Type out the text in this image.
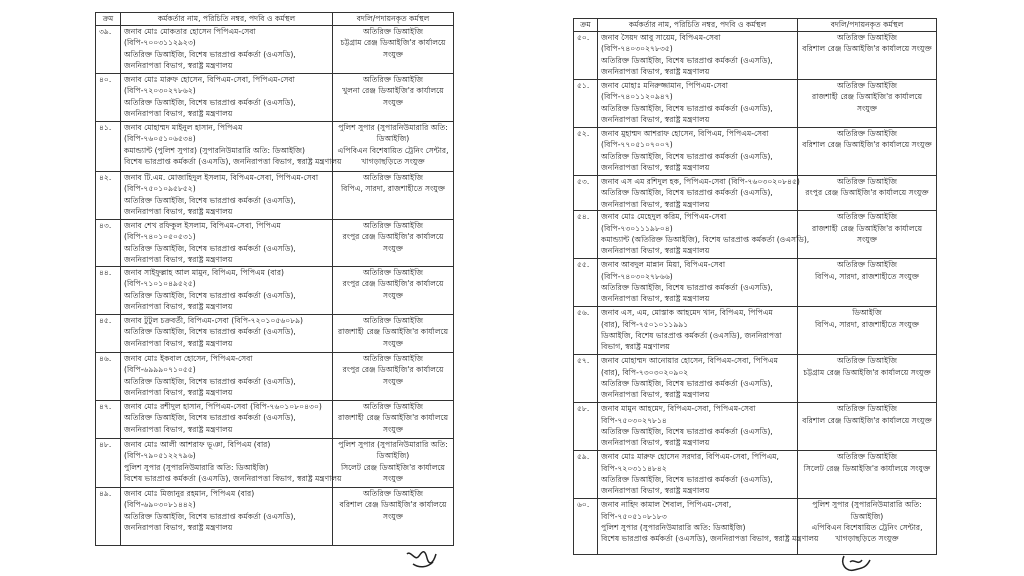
ক্রম	কর্মকর্তার নাম, পরিচিতি নম্বর, পদবি ও কর্মস্থল	বদলি/পদায়নকৃত কর্মস্থল
৩৯.	জনাব মোঃ মোকতার হোসেন পিপিএম-সেবা
(বিপি-৭০০৩১১২৯২৩)
অতিরিক্ত ডিআইজি, বিশেষ ভারপ্রাপ্ত কর্মকর্তা (ওএসডি),
জননিরাপত্তা বিভাগ, স্বরাষ্ট্র মন্ত্রণালয়	অতিরিক্ত ডিআইজি
চট্টগ্রাম রেঞ্জ ডিআইজি'র কার্যালয়ে সংযুক্ত

৪০.	জনাব মোঃ মারুফ হোসেন, বিপিএম-সেবা, পিপিএম-সেবা
(বিপি-৭২০৩০২৭৮৬২)
অতিরিক্ত ডিআইজি, বিশেষ ভারপ্রাপ্ত কর্মকর্তা (ওএসডি),
জননিরাপত্তা বিভাগ, স্বরাষ্ট্র মন্ত্রণালয়	অতিরিক্ত ডিআইজি
খুলনা রেঞ্জ ডিআইজি'র কার্যালয়ে সংযুক্ত

৪১.	জনাব মোহাম্মদ মাইনুল হাসান, পিপিএম
(বিপি-৭৬০৫১০৬৫৩৪)
কমান্ড্যান্ট (পুলিশ সুপার) (সুপারনিউমারারি অতি: ডিআইজি)
বিশেষ ভারপ্রাপ্ত কর্মকর্তা (ওএসডি), জননিরাপত্তা বিভাগ, স্বরাষ্ট্র মন্ত্রণালয়	পুলিশ সুপার (সুপারনিউমারারি অতি: ডিআইজি)
এপিবিএন বিশেষায়িত ট্রেনিং সেন্টার, খাগড়াছড়িতে সংযুক্ত

৪২.	জনাব টি.এম. মোজাহিদুল ইসলাম, বিপিএম-সেবা, পিপিএম-সেবা
(বিপি-৭৫০১০৯৫৮৫২)
অতিরিক্ত ডিআইজি, বিশেষ ভারপ্রাপ্ত কর্মকর্তা (ওএসডি),
জননিরাপত্তা বিভাগ, স্বরাষ্ট্র মন্ত্রণালয়	অতিরিক্ত ডিআইজি
বিপিএ, সারদা, রাজশাহীতে সংযুক্ত

৪৩.	জনাব শেখ রফিকুল ইসলাম, বিপিএম-সেবা, পিপিএম
(বিপি-৭৪০১০৫০৫৩১)
অতিরিক্ত ডিআইজি, বিশেষ ভারপ্রাপ্ত কর্মকর্তা (ওএসডি),
জননিরাপত্তা বিভাগ, স্বরাষ্ট্র মন্ত্রণালয়	অতিরিক্ত ডিআইজি
রংপুর রেঞ্জ ডিআইজি'র কার্যালয়ে সংযুক্ত

৪৪.	জনাব সাইফুল্লাহ আল মামুন, বিপিএম, পিপিএম (বার)
(বিপি-৭১০১০৪৯৫২৫)
অতিরিক্ত ডিআইজি, বিশেষ ভারপ্রাপ্ত কর্মকর্তা (ওএসডি),
জননিরাপত্তা বিভাগ, স্বরাষ্ট্র মন্ত্রণালয়	অতিরিক্ত ডিআইজি
রংপুর রেঞ্জ ডিআইজি'র কার্যালয়ে সংযুক্ত

৪৫.	জনাব টুটুল চক্রবর্তী, বিপিএম-সেবা (বিপি-৭২০১০৫৬০৮৯)
অতিরিক্ত ডিআইজি, বিশেষ ভারপ্রাপ্ত কর্মকর্তা (ওএসডি),
জননিরাপত্তা বিভাগ, স্বরাষ্ট্র মন্ত্রণালয়	অতিরিক্ত ডিআইজি
রাজশাহী রেঞ্জ ডিআইজি'র কার্যালয়ে সংযুক্ত

৪৬.	জনাব মোঃ ইকবাল হোসেন, পিপিএম-সেবা
(বিপি-৬৯৯৯০৭১০৫৫)
অতিরিক্ত ডিআইজি, বিশেষ ভারপ্রাপ্ত কর্মকর্তা (ওএসডি),
জননিরাপত্তা বিভাগ, স্বরাষ্ট্র মন্ত্রণালয়	অতিরিক্ত ডিআইজি
রংপুর রেঞ্জ ডিআইজি'র কার্যালয়ে সংযুক্ত

৪৭.	জনাব মোঃ রশীদুল হাসান, পিপিএম-সেবা (বিপি-৭৬০১০৮০৪৩০)
অতিরিক্ত ডিআইজি, বিশেষ ভারপ্রাপ্ত কর্মকর্তা (ওএসডি),
জননিরাপত্তা বিভাগ, স্বরাষ্ট্র মন্ত্রণালয়	অতিরিক্ত ডিআইজি
রাজশাহী রেঞ্জ ডিআইজি'র কার্যালয়ে সংযুক্ত

৪৮.	জনাব মোঃ আলী আশরাফ ভূঞা, বিপিএম (বার)
(বিপি-৭৯০৫১২২৭৯৬)
পুলিশ সুপার (সুপারনিউমারারি অতি: ডিআইজি)
বিশেষ ভারপ্রাপ্ত কর্মকর্তা (ওএসডি), জননিরাপত্তা বিভাগ, স্বরাষ্ট্র মন্ত্রণালয়	পুলিশ সুপার (সুপারনিউমারারি অতি: ডিআইজি)
সিলেট রেঞ্জ ডিআইজি'র কার্যালয়ে সংযুক্ত

৪৯.	জনাব মোঃ মিজানুর রহমান, পিপিএম (বার)
(বিপি-৬৯০৩০৮১৪৪২)
অতিরিক্ত ডিআইজি, বিশেষ ভারপ্রাপ্ত কর্মকর্তা (ওএসডি),
জননিরাপত্তা বিভাগ, স্বরাষ্ট্র মন্ত্রণালয়	অতিরিক্ত ডিআইজি
বরিশাল রেঞ্জ ডিআইজি'র কার্যালয়ে সংযুক্ত
ক্রম	কর্মকর্তার নাম, পরিচিতি নম্বর, পদবি ও কর্মস্থল	বদলি/পদায়নকৃত কর্মস্থল
৫০.	জনাব সৈয়দ আবু সায়েম, বিপিএম-সেবা
(বিপি-৭৪০৩০২৭৮৩৫)
অতিরিক্ত ডিআইজি, বিশেষ ভারপ্রাপ্ত কর্মকর্তা (ওএসডি),
জননিরাপত্তা বিভাগ, স্বরাষ্ট্র মন্ত্রণালয়	অতিরিক্ত ডিআইজি
বরিশাল রেঞ্জ ডিআইজি'র কার্যালয়ে সংযুক্ত

৫১.	জনাব মোহাঃ মনিরুজ্জামান, পিপিএম-সেবা
(বিপি-৭৪০১১২০৯৪৭)
অতিরিক্ত ডিআইজি, বিশেষ ভারপ্রাপ্ত কর্মকর্তা (ওএসডি),
জননিরাপত্তা বিভাগ, স্বরাষ্ট্র মন্ত্রণালয়	অতিরিক্ত ডিআইজি
রাজশাহী রেঞ্জ ডিআইজি'র কার্যালয়ে সংযুক্ত

৫২.	জনাব মুহাম্মদ আশরাফ হোসেন, বিপিএম, পিপিএম-সেবা
(বিপি-৭৭০৫১০৭০০৭)
অতিরিক্ত ডিআইজি, বিশেষ ভারপ্রাপ্ত কর্মকর্তা (ওএসডি),
জননিরাপত্তা বিভাগ, স্বরাষ্ট্র মন্ত্রণালয়	অতিরিক্ত ডিআইজি
বরিশাল রেঞ্জ ডিআইজি'র কার্যালয়ে সংযুক্ত

৫৩.	জনাব এস এম রশিদুল হক, পিপিএম-সেবা (বিপি-৭৬০৩০২০৮৪৫)
অতিরিক্ত ডিআইজি, বিশেষ ভারপ্রাপ্ত কর্মকর্তা (ওএসডি),
জননিরাপত্তা বিভাগ, স্বরাষ্ট্র মন্ত্রণালয়	অতিরিক্ত ডিআইজি
রংপুর রেঞ্জ ডিআইজি'র কার্যালয়ে সংযুক্ত

৫৪.	জনাব মোঃ মেহেদুল করিম, পিপিএম-সেবা
(বিপি-৭৩০১১১৯৮০৪)
কমান্ড্যান্ট (অতিরিক্ত ডিআইজি), বিশেষ ভারপ্রাপ্ত কর্মকর্তা (ওএসডি),
জননিরাপত্তা বিভাগ, স্বরাষ্ট্র মন্ত্রণালয়	অতিরিক্ত ডিআইজি
রাজশাহী রেঞ্জ ডিআইজি'র কার্যালয়ে সংযুক্ত

৫৫.	জনাব আবদুল মান্নান মিয়া, বিপিএম-সেবা
(বিপি-৭৪০৩০২৭৮৬৬)
অতিরিক্ত ডিআইজি, বিশেষ ভারপ্রাপ্ত কর্মকর্তা (ওএসডি),
জননিরাপত্তা বিভাগ, স্বরাষ্ট্র মন্ত্রণালয়	অতিরিক্ত ডিআইজি
বিপিএ, সারদা, রাজশাহীতে সংযুক্ত

৫৬.	জনাব এস, এম, মোস্তাক আহমেদ খান, বিপিএম, পিপিএম
(বার), বিপি-৭৫০১০১১৯৯১
ডিআইজি, বিশেষ ভারপ্রাপ্ত কর্মকর্তা (ওএসডি), জননিরাপত্তা
বিভাগ, স্বরাষ্ট্র মন্ত্রণালয়	ডিআইজি
বিপিএ, সারদা, রাজশাহীতে সংযুক্ত

৫৭.	জনাব মোহাম্মদ আনোয়ার হোসেন, বিপিএম-সেবা, পিপিএম
(বার), বিপি-৭৩০৩০২০৯০২
অতিরিক্ত ডিআইজি, বিশেষ ভারপ্রাপ্ত কর্মকর্তা (ওএসডি),
জননিরাপত্তা বিভাগ, স্বরাষ্ট্র মন্ত্রণালয়	অতিরিক্ত ডিআইজি
চট্টগ্রাম রেঞ্জ ডিআইজি'র কার্যালয়ে সংযুক্ত

৫৮.	জনাব মামুন আহমেদ, বিপিএম-সেবা, পিপিএম-সেবা
বিপি-৭৫০৩০২৭৮১৪
অতিরিক্ত ডিআইজি, বিশেষ ভারপ্রাপ্ত কর্মকর্তা (ওএসডি),
জননিরাপত্তা বিভাগ, স্বরাষ্ট্র মন্ত্রণালয়	অতিরিক্ত ডিআইজি
বরিশাল রেঞ্জ ডিআইজি'র কার্যালয়ে সংযুক্ত

৫৯.	জনাব মোঃ মারুফ হোসেন সরদার, বিপিএম-সেবা, পিপিএম,
বিপি-৭২০৩১১৪৮৪২
অতিরিক্ত ডিআইজি, বিশেষ ভারপ্রাপ্ত কর্মকর্তা (ওএসডি),
জননিরাপত্তা বিভাগ, স্বরাষ্ট্র মন্ত্রণালয়	অতিরিক্ত ডিআইজি
সিলেট রেঞ্জ ডিআইজি'র কার্যালয়ে সংযুক্ত

৬০.	জনাব নাহিদ কামাল শৈবাল, পিপিএম-সেবা,
বিপি-৭৫০৫১০৮১৮৩
পুলিশ সুপার (সুপারনিউমারারি অতি: ডিআইজি)
বিশেষ ভারপ্রাপ্ত কর্মকর্তা (ওএসডি), জননিরাপত্তা বিভাগ, স্বরাষ্ট্র মন্ত্রণালয়	পুলিশ সুপার (সুপারনিউমারারি অতি: ডিআইজি)
এপিবিএন বিশেষায়িত ট্রেনিং সেন্টার, খাগড়াছড়িতে সংযুক্ত
